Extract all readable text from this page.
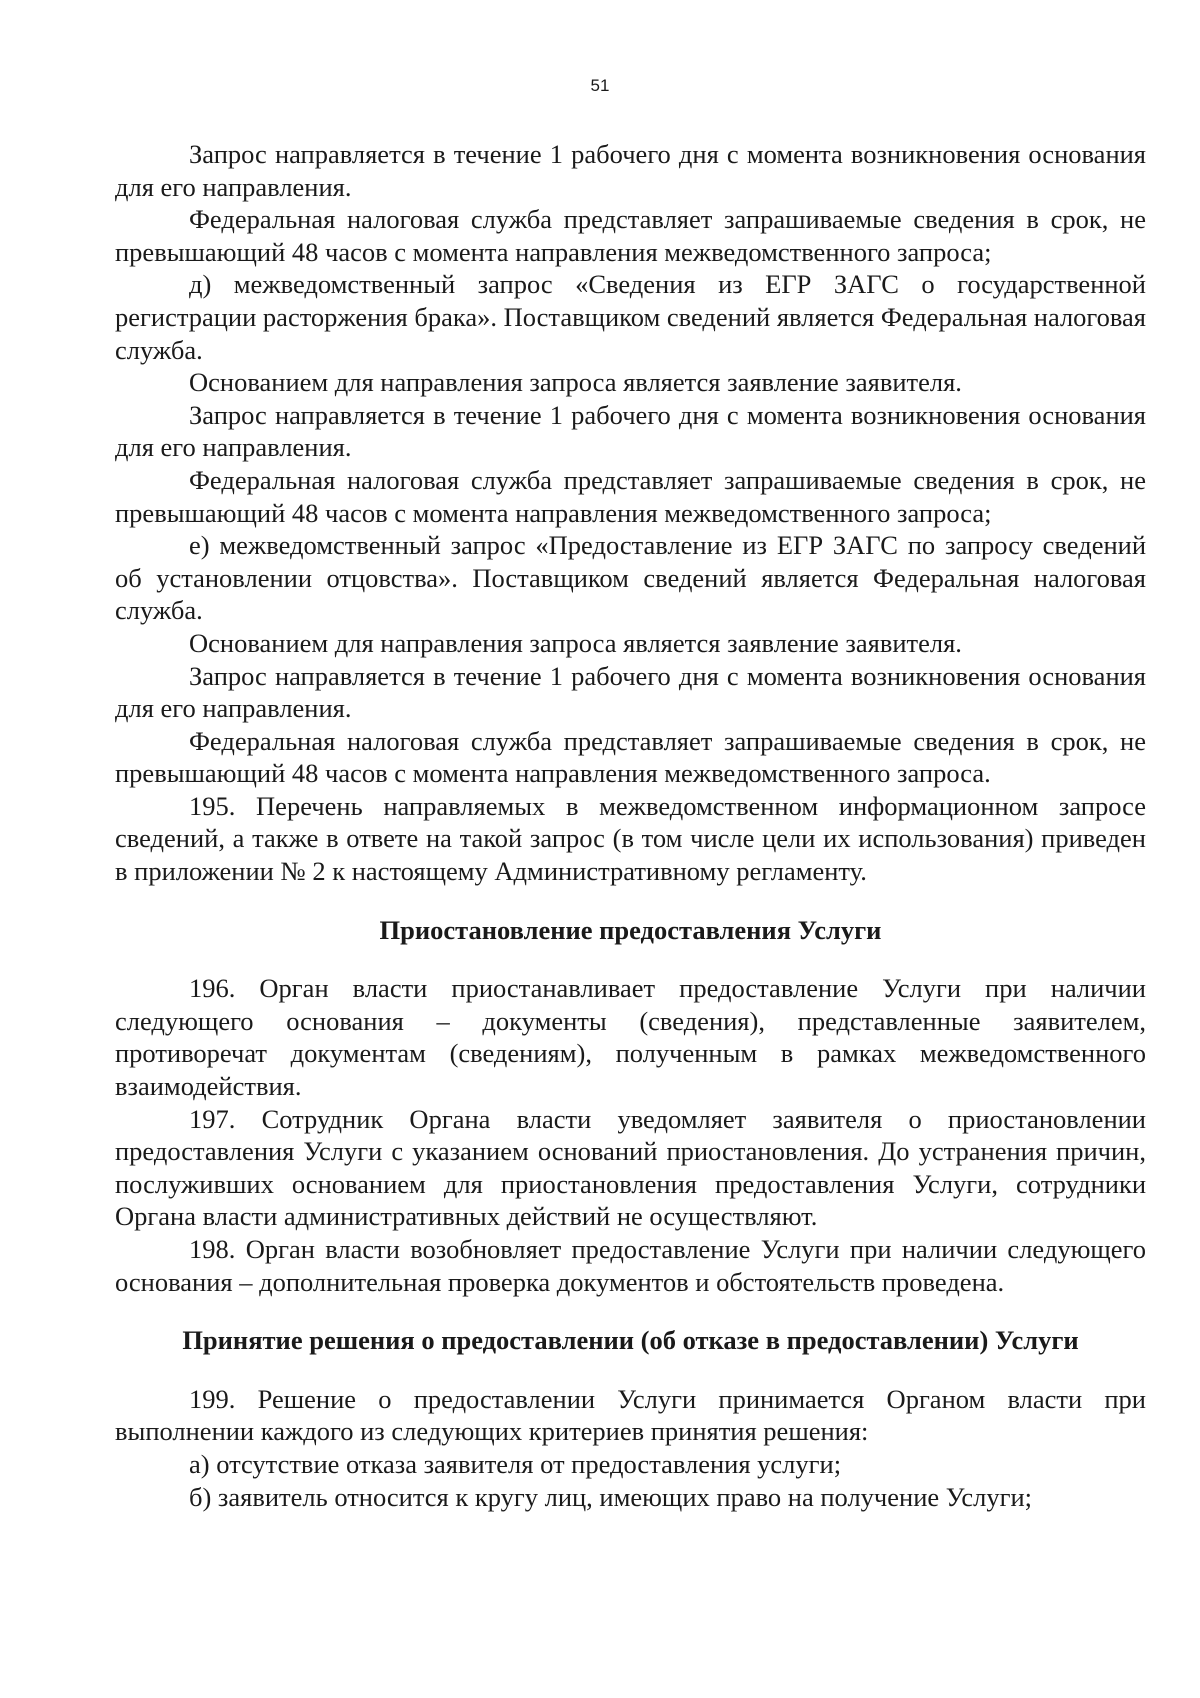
51

Запрос направляется в течение 1 рабочего дня с момента возникновения основания для его направления.

Федеральная налоговая служба представляет запрашиваемые сведения в срок, не превышающий 48 часов с момента направления межведомственного запроса;

д) межведомственный запрос «Сведения из ЕГР ЗАГС о государственной регистрации расторжения брака». Поставщиком сведений является Федеральная налоговая служба.

Основанием для направления запроса является заявление заявителя.

Запрос направляется в течение 1 рабочего дня с момента возникновения основания для его направления.

Федеральная налоговая служба представляет запрашиваемые сведения в срок, не превышающий 48 часов с момента направления межведомственного запроса;

е) межведомственный запрос «Предоставление из ЕГР ЗАГС по запросу сведений об установлении отцовства». Поставщиком сведений является Федеральная налоговая служба.

Основанием для направления запроса является заявление заявителя.

Запрос направляется в течение 1 рабочего дня с момента возникновения основания для его направления.

Федеральная налоговая служба представляет запрашиваемые сведения в срок, не превышающий 48 часов с момента направления межведомственного запроса.

195. Перечень направляемых в межведомственном информационном запросе сведений, а также в ответе на такой запрос (в том числе цели их использования) приведен в приложении № 2 к настоящему Административному регламенту.

Приостановление предоставления Услуги

196. Орган власти приостанавливает предоставление Услуги при наличии следующего основания – документы (сведения), представленные заявителем, противоречат документам (сведениям), полученным в рамках межведомственного взаимодействия.

197. Сотрудник Органа власти уведомляет заявителя о приостановлении предоставления Услуги с указанием оснований приостановления. До устранения причин, послуживших основанием для приостановления предоставления Услуги, сотрудники Органа власти административных действий не осуществляют.

198. Орган власти возобновляет предоставление Услуги при наличии следующего основания – дополнительная проверка документов и обстоятельств проведена.

Принятие решения о предоставлении (об отказе в предоставлении) Услуги

199. Решение о предоставлении Услуги принимается Органом власти при выполнении каждого из следующих критериев принятия решения:

а) отсутствие отказа заявителя от предоставления услуги;

б) заявитель относится к кругу лиц, имеющих право на получение Услуги;
